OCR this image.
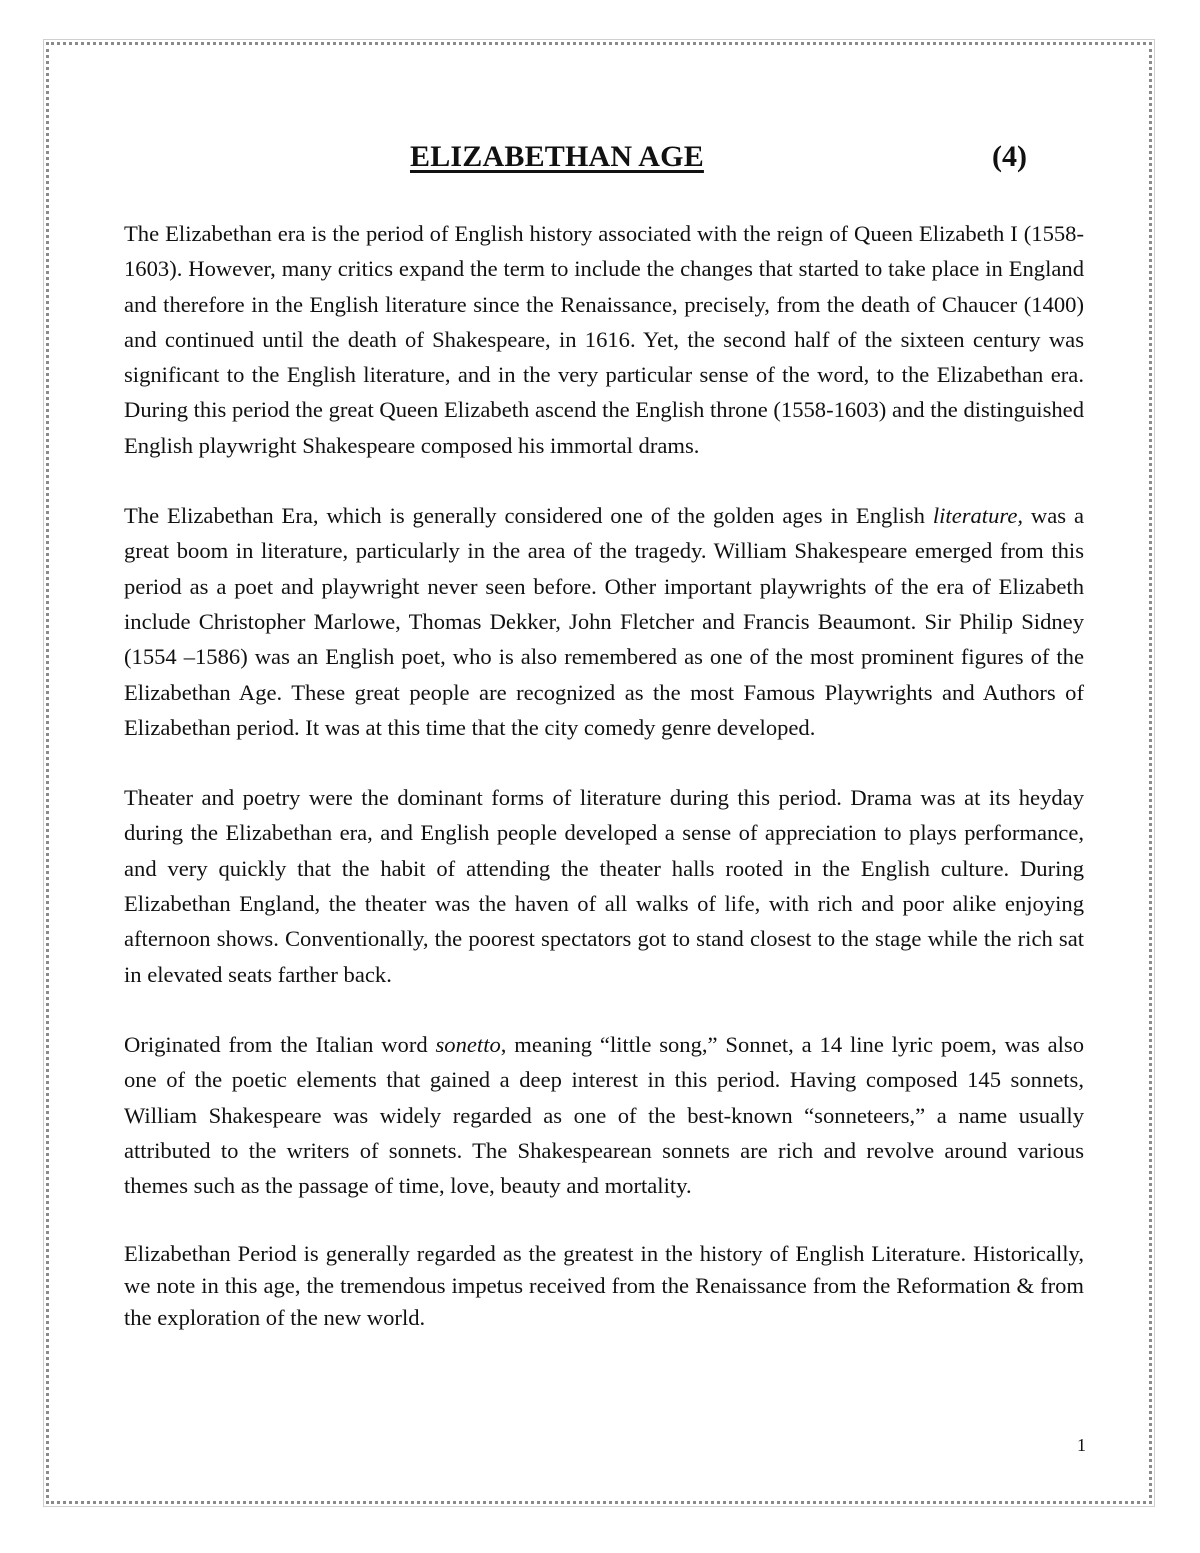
ELIZABETHAN AGE	(4)

The Elizabethan era is the period of English history associated with the reign of Queen Elizabeth I (1558-1603). However, many critics expand the term to include the changes that started to take place in England and therefore in the English literature since the Renaissance, precisely, from the death of Chaucer (1400) and continued until the death of Shakespeare, in 1616. Yet, the second half of the sixteen century was significant to the English literature, and in the very particular sense of the word, to the Elizabethan era. During this period the great Queen Elizabeth ascend the English throne (1558-1603) and the distinguished English playwright Shakespeare composed his immortal drams.

The Elizabethan Era, which is generally considered one of the golden ages in English literature, was a great boom in literature, particularly in the area of the tragedy. William Shakespeare emerged from this period as a poet and playwright never seen before. Other important playwrights of the era of Elizabeth include Christopher Marlowe, Thomas Dekker, John Fletcher and Francis Beaumont. Sir Philip Sidney (1554 –1586) was an English poet, who is also remembered as one of the most prominent figures of the Elizabethan Age. These great people are recognized as the most Famous Playwrights and Authors of Elizabethan period. It was at this time that the city comedy genre developed.

Theater and poetry were the dominant forms of literature during this period. Drama was at its heyday during the Elizabethan era, and English people developed a sense of appreciation to plays performance, and very quickly that the habit of attending the theater halls rooted in the English culture. During Elizabethan England, the theater was the haven of all walks of life, with rich and poor alike enjoying afternoon shows. Conventionally, the poorest spectators got to stand closest to the stage while the rich sat in elevated seats farther back.

Originated from the Italian word sonetto, meaning “little song,” Sonnet, a 14 line lyric poem, was also one of the poetic elements that gained a deep interest in this period. Having composed 145 sonnets, William Shakespeare was widely regarded as one of the best-known “sonneteers,” a name usually attributed to the writers of sonnets. The Shakespearean sonnets are rich and revolve around various themes such as the passage of time, love, beauty and mortality.

Elizabethan Period is generally regarded as the greatest in the history of English Literature. Historically, we note in this age, the tremendous impetus received from the Renaissance from the Reformation & from the exploration of the new world.

1
